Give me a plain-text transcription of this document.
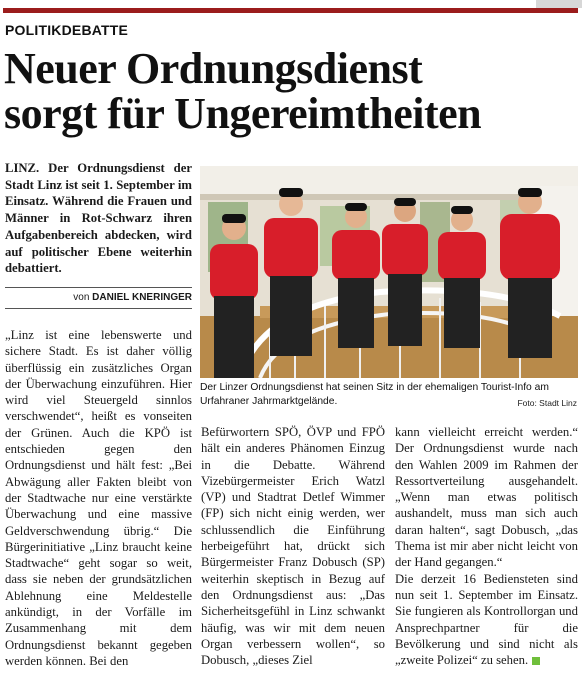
POLITIKDEBATTE
Neuer Ordnungsdienst
sorgt für Ungereimtheiten
LINZ. Der Ordnungsdienst der Stadt Linz ist seit 1. September im Einsatz. Während die Frauen und Männer in Rot-Schwarz ihren Aufgabenbereich abdecken, wird auf politischer Ebene weiterhin debattiert.
von DANIEL KNERINGER
Der Linzer Ordnungsdienst hat seinen Sitz in der ehemaligen Tourist-Info am Urfahraner Jahrmarktgelände.	Foto: Stadt Linz

„Linz ist eine lebenswerte und sichere Stadt. Es ist daher völlig überflüssig ein zusätzliches Organ der Überwachung einzuführen. Hier wird viel Steuergeld sinnlos verschwendet“, heißt es vonseiten der Grünen. Auch die KPÖ ist entschieden gegen den Ordnungsdienst und hält fest: „Bei Abwägung aller Fakten bleibt von der Stadtwache nur eine verstärkte Überwachung und eine massive Geldverschwendung übrig.“ Die Bürgerinitiative „Linz braucht keine Stadtwache“ geht sogar so weit, dass sie neben der grundsätzlichen Ablehnung eine Meldestelle ankündigt, in der Vorfälle im Zusammenhang mit dem Ordnungsdienst bekannt gegeben werden können. Bei den

Befürwortern SPÖ, ÖVP und FPÖ hält ein anderes Phänomen Einzug in die Debatte. Während Vizebürgermeister Erich Watzl (VP) und Stadtrat Detlef Wimmer (FP) sich nicht einig werden, wer schlussendlich die Einführung herbeigeführt hat, drückt sich Bürgermeister Franz Dobusch (SP) weiterhin skeptisch in Bezug auf den Ordnungsdienst aus: „Das Sicherheitsgefühl in Linz schwankt häufig, was wir mit dem neuen Organ verbessern wollen“, so Dobusch, „dieses Ziel

kann vielleicht erreicht werden.“ Der Ordnungsdienst wurde nach den Wahlen 2009 im Rahmen der Ressortverteilung ausgehandelt. „Wenn man etwas politisch aushandelt, muss man sich auch daran halten“, sagt Dobusch, „das Thema ist mir aber nicht leicht von der Hand gegangen.“

Die derzeit 16 Bediensteten sind nun seit 1. September im Einsatz. Sie fungieren als Kontrollorgan und Ansprechpartner für die Bevölkerung und sind nicht als „zweite Polizei“ zu sehen.
